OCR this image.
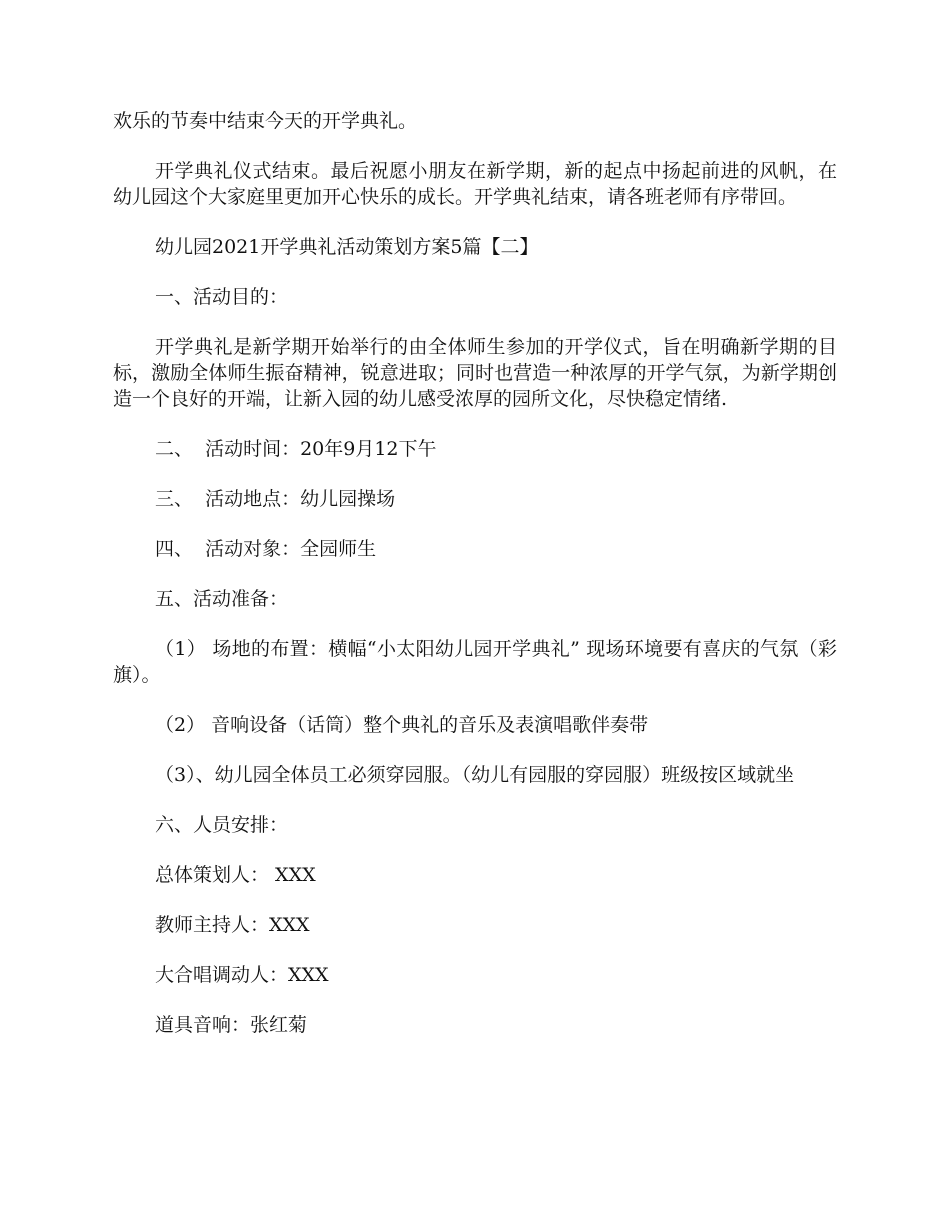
欢乐的节奏中结束今天的开学典礼。

开学典礼仪式结束。最后祝愿小朋友在新学期，新的起点中扬起前进的风帆，在幼儿园这个大家庭里更加开心快乐的成长。开学典礼结束，请各班老师有序带回。

幼儿园2021开学典礼活动策划方案5篇【二】

一、活动目的：

开学典礼是新学期开始举行的由全体师生参加的开学仪式，旨在明确新学期的目标，激励全体师生振奋精神，锐意进取；同时也营造一种浓厚的开学气氛，为新学期创造一个良好的开端，让新入园的幼儿感受浓厚的园所文化，尽快稳定情绪.

二、  活动时间：20年9月12下午

三、  活动地点：幼儿园操场

四、  活动对象：全园师生

五、活动准备：

（1） 场地的布置：横幅“小太阳幼儿园开学典礼” 现场环境要有喜庆的气氛（彩旗）。

（2） 音响设备（话筒）整个典礼的音乐及表演唱歌伴奏带

（3）、幼儿园全体员工必须穿园服。（幼儿有园服的穿园服）班级按区域就坐

六、人员安排：

总体策划人： XXX

教师主持人：XXX

大合唱调动人：XXX

道具音响：张红菊
